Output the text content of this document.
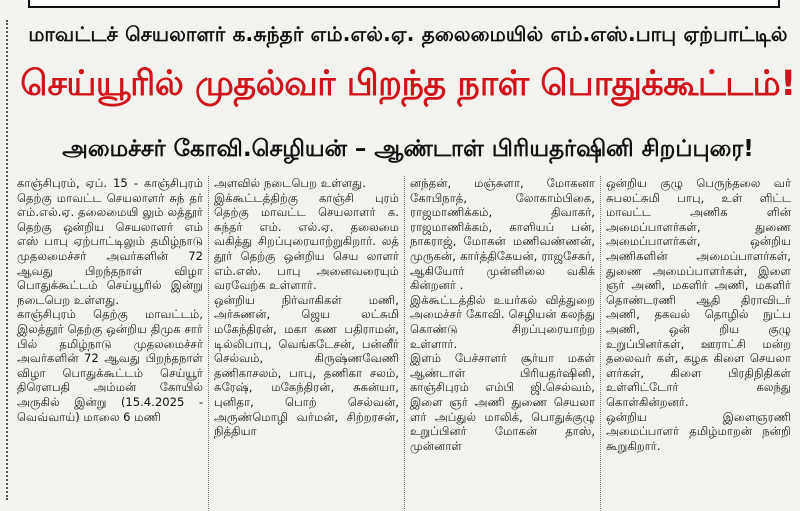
மாவட்டச் செயலாளர் க.சுந்தர் எம்.எல்.ஏ. தலைமையில் எம்.எஸ்.பாபு ஏற்பாட்டில்
செய்யூரில் முதல்வர் பிறந்த நாள் பொதுக்கூட்டம்!
அமைச்சர் கோவி.செழியன் – ஆண்டாள் பிரியதர்ஷினி சிறப்புரை!

காஞ்சிபுரம், ஏப். 15 - காஞ்சிபுரம் தெற்கு மாவட்ட செயலாளர் சுந் தர் எம்.எல்.ஏ. தலைமையி லும் லத்தூர் தெற்கு ஒன்றிய செயலாளர் எம் எஸ் பாபு ஏற்பாட்டிலும் தமிழ்நாடு முதலமைச்சர் அவர்களின் 72 ஆவது பிறந்தநாள் விழா பொதுக்கூட்டம் செய்யூரில் இன்று நடைபெற உள்ளது.

காஞ்சிபுரம் தெற்கு மாவட்டம், இலத்தூர் தெற்கு ஒன்றிய திமுக சார் பில் தமிழ்நாடு முதலமைச்சர் அவர்களின் 72 ஆவது பிறந்தநாள் விழா பொதுக்கூட்டம் செய்யூர் திரௌபதி அம்மன் கோயில் அருகில் இன்று (15.4.2025 - வெவ்வாய்) மாலை 6 மணி

அளவில் நடைபெற உள்ளது.

இக்கூட்டத்திற்கு காஞ்சி புரம் தெற்கு மாவட்ட செயலாளர் க. சுந்தர் எம். எல்.ஏ. தலைமை வகித்து சிறப்புரையாற்றுகிறார். லத் தூர் தெற்கு ஒன்றிய செய லாளர் எம்.எஸ். பாபு அனைவரையும் வரவேற்க உள்ளார்.

ஒன்றிய நிர்வாகிகள் மணி, அர்சுணன், ஜெய லட்சுமி மகேந்திரன், மகா கண பதிராமன், டில்லிபாபு, வெங்கடேசன், பன்னீர் செல்வம், கிருஷ்ணவேணி தணிகாசலம், பாபு, தணிகா சலம், சுரேஷ், மகேந்திரன், சுகன்யா, புனிதா, பொற் செல்வன், அருண்மொழி வர்மன், சிற்றரசன், நித்தியா

னந்தன், மஞ்சுளா, மோகனா கோபிநாத், லோகாம்பிகை, ராஜமாணிக்கம், திவாகர், ராஜமாணிக்கம், காளியப் பன், நாகராஜ், மோகன் மணிவண்ணன், முருகன், கார்த்திகேயன், ராஜசேகர், ஆகியோர் முன்னிலை வகிக் கின்றனர் .

இக்கூட்டத்தில் உயர்கல் வித்துறை அமைச்சர் கோவி. செழியன் கலந்து கொண்டு சிறப்புரையாற்ற உள்ளார்.

இளம் பேச்சாளர் சூர்யா மகள் ஆண்டாள் பிரியதர்ஷினி, காஞ்சிபுரம் எம்பி ஜி.செல்வம், இளை ஞர் அணி துணை செயலா ளர் அப்துல் மாலிக், பொதுக்குழு உறுப்பினர் மோகன் தாஸ், முன்னாள்

ஒன்றிய குழு பெருந்தலை வர் சுபலட்சுமி பாபு, உள் ளிட்ட மாவட்ட அணிக ளின் அமைப்பாளர்கள், துணை அமைப்பாளர்கள், ஒன்றிய அணிகளின் அமைப்பாளர்கள், துணை அமைப்பாளர்கள், இளை ஞர் அணி, மகளிர் அணி, மகளிர் தொண்டரணி ஆதி திராவிடர் அணி, தகவல் தொழில் நுட்ப அணி, ஒன் றிய குழு உறுப்பினர்கள், ஊராட்சி மன்ற தலைவர் கள், கழக கிளை செயலா ளர்கள், கிளை பிரதிநிதிகள் உள்ளிட்டோர் கலந்து கொள்கின்றனர்.

ஒன்றிய இளைஞரணி அமைப்பாளர் தமிழ்மாறன் நன்றி கூறுகிறார்.
